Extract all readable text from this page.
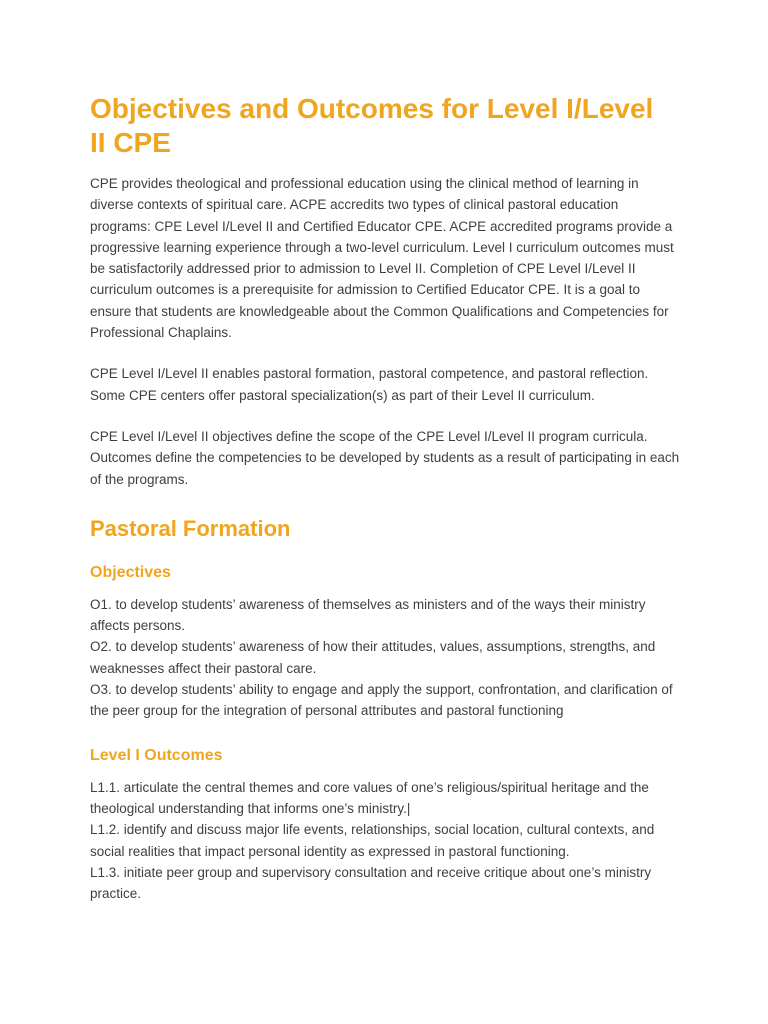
Objectives and Outcomes for Level I/Level II CPE

CPE provides theological and professional education using the clinical method of learning in diverse contexts of spiritual care. ACPE accredits two types of clinical pastoral education programs: CPE Level I/Level II and Certified Educator CPE. ACPE accredited programs provide a progressive learning experience through a two-level curriculum. Level I curriculum outcomes must be satisfactorily addressed prior to admission to Level II. Completion of CPE Level I/Level II curriculum outcomes is a prerequisite for admission to Certified Educator CPE. It is a goal to ensure that students are knowledgeable about the Common Qualifications and Competencies for Professional Chaplains.

CPE Level I/Level II enables pastoral formation, pastoral competence, and pastoral reflection. Some CPE centers offer pastoral specialization(s) as part of their Level II curriculum.

CPE Level I/Level II objectives define the scope of the CPE Level I/Level II program curricula. Outcomes define the competencies to be developed by students as a result of participating in each of the programs.

Pastoral Formation
Objectives

O1. to develop students’ awareness of themselves as ministers and of the ways their ministry affects persons.

O2. to develop students’ awareness of how their attitudes, values, assumptions, strengths, and weaknesses affect their pastoral care.

O3. to develop students’ ability to engage and apply the support, confrontation, and clarification of the peer group for the integration of personal attributes and pastoral functioning

Level I Outcomes

L1.1. articulate the central themes and core values of one’s religious/spiritual heritage and the theological understanding that informs one’s ministry.|

L1.2. identify and discuss major life events, relationships, social location, cultural contexts, and social realities that impact personal identity as expressed in pastoral functioning.

L1.3. initiate peer group and supervisory consultation and receive critique about one’s ministry practice.
